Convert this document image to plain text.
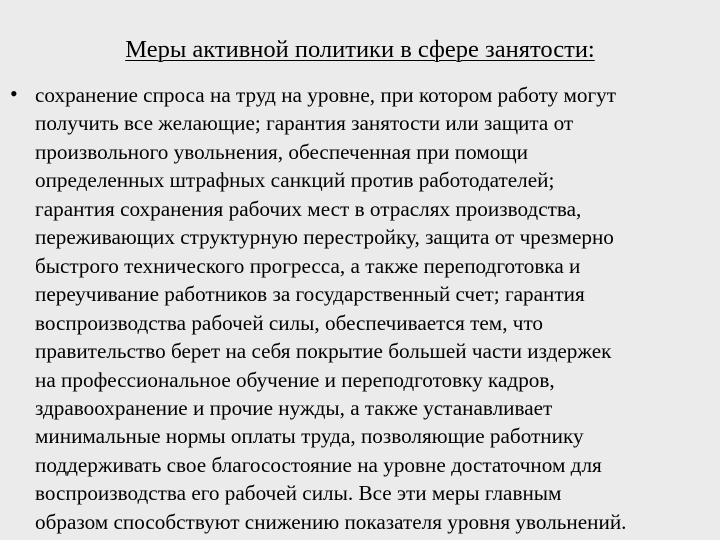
Меры активной политики в сфере занятости:
• сохранение спроса на труд на уровне, при котором работу могут
получить все желающие; гарантия занятости или защита от
произвольного увольнения, обеспеченная при помощи
определенных штрафных санкций против работодателей;
гарантия сохранения рабочих мест в отраслях производства,
переживающих структурную перестройку, защита от чрезмерно
быстрого технического прогресса, а также переподготовка и
переучивание работников за государственный счет; гарантия
воспроизводства рабочей силы, обеспечивается тем, что
правительство берет на себя покрытие большей части издержек
на профессиональное обучение и переподготовку кадров,
здравоохранение и прочие нужды, а также устанавливает
минимальные нормы оплаты труда, позволяющие работнику
поддерживать свое благосостояние на уровне достаточном для
воспроизводства его рабочей силы. Все эти меры главным
образом способствуют снижению показателя уровня увольнений.
